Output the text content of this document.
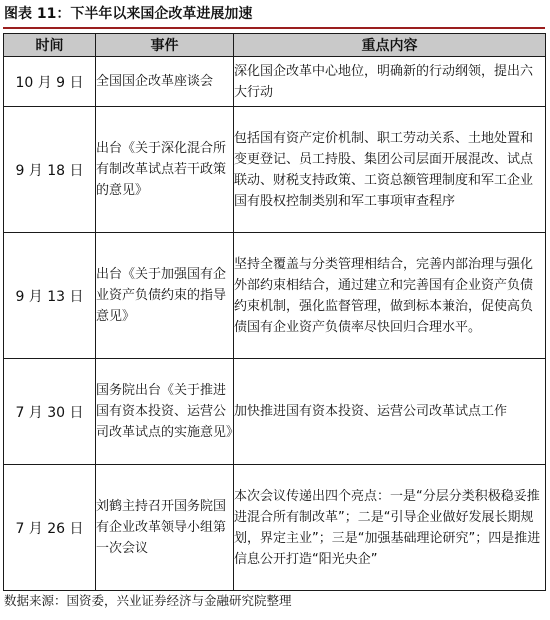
图表 11：下半年以来国企改革进展加速
时间	事件	重点内容
10 月 9 日	全国国企改革座谈会	深化国企改革中心地位，明确新的行动纲领，提出六大行动

9 月 18 日	出台《关于深化混合所有制改革试点若干政策的意见》	包括国有资产定价机制、职工劳动关系、土地处置和变更登记、员工持股、集团公司层面开展混改、试点联动、财税支持政策、工资总额管理制度和军工企业国有股权控制类别和军工事项审查程序

9 月 13 日	出台《关于加强国有企业资产负债约束的指导意见》	坚持全覆盖与分类管理相结合，完善内部治理与强化外部约束相结合，通过建立和完善国有企业资产负债约束机制，强化监督管理，做到标本兼治，促使高负债国有企业资产负债率尽快回归合理水平。

7 月 30 日	国务院出台《关于推进国有资本投资、运营公司改革试点的实施意见》	加快推进国有资本投资、运营公司改革试点工作

7 月 26 日	刘鹤主持召开国务院国有企业改革领导小组第一次会议	本次会议传递出四个亮点：一是“分层分类积极稳妥推进混合所有制改革”；二是“引导企业做好发展长期规划，界定主业”；三是“加强基础理论研究”；四是推进信息公开打造“阳光央企”
数据来源：国资委，兴业证券经济与金融研究院整理
